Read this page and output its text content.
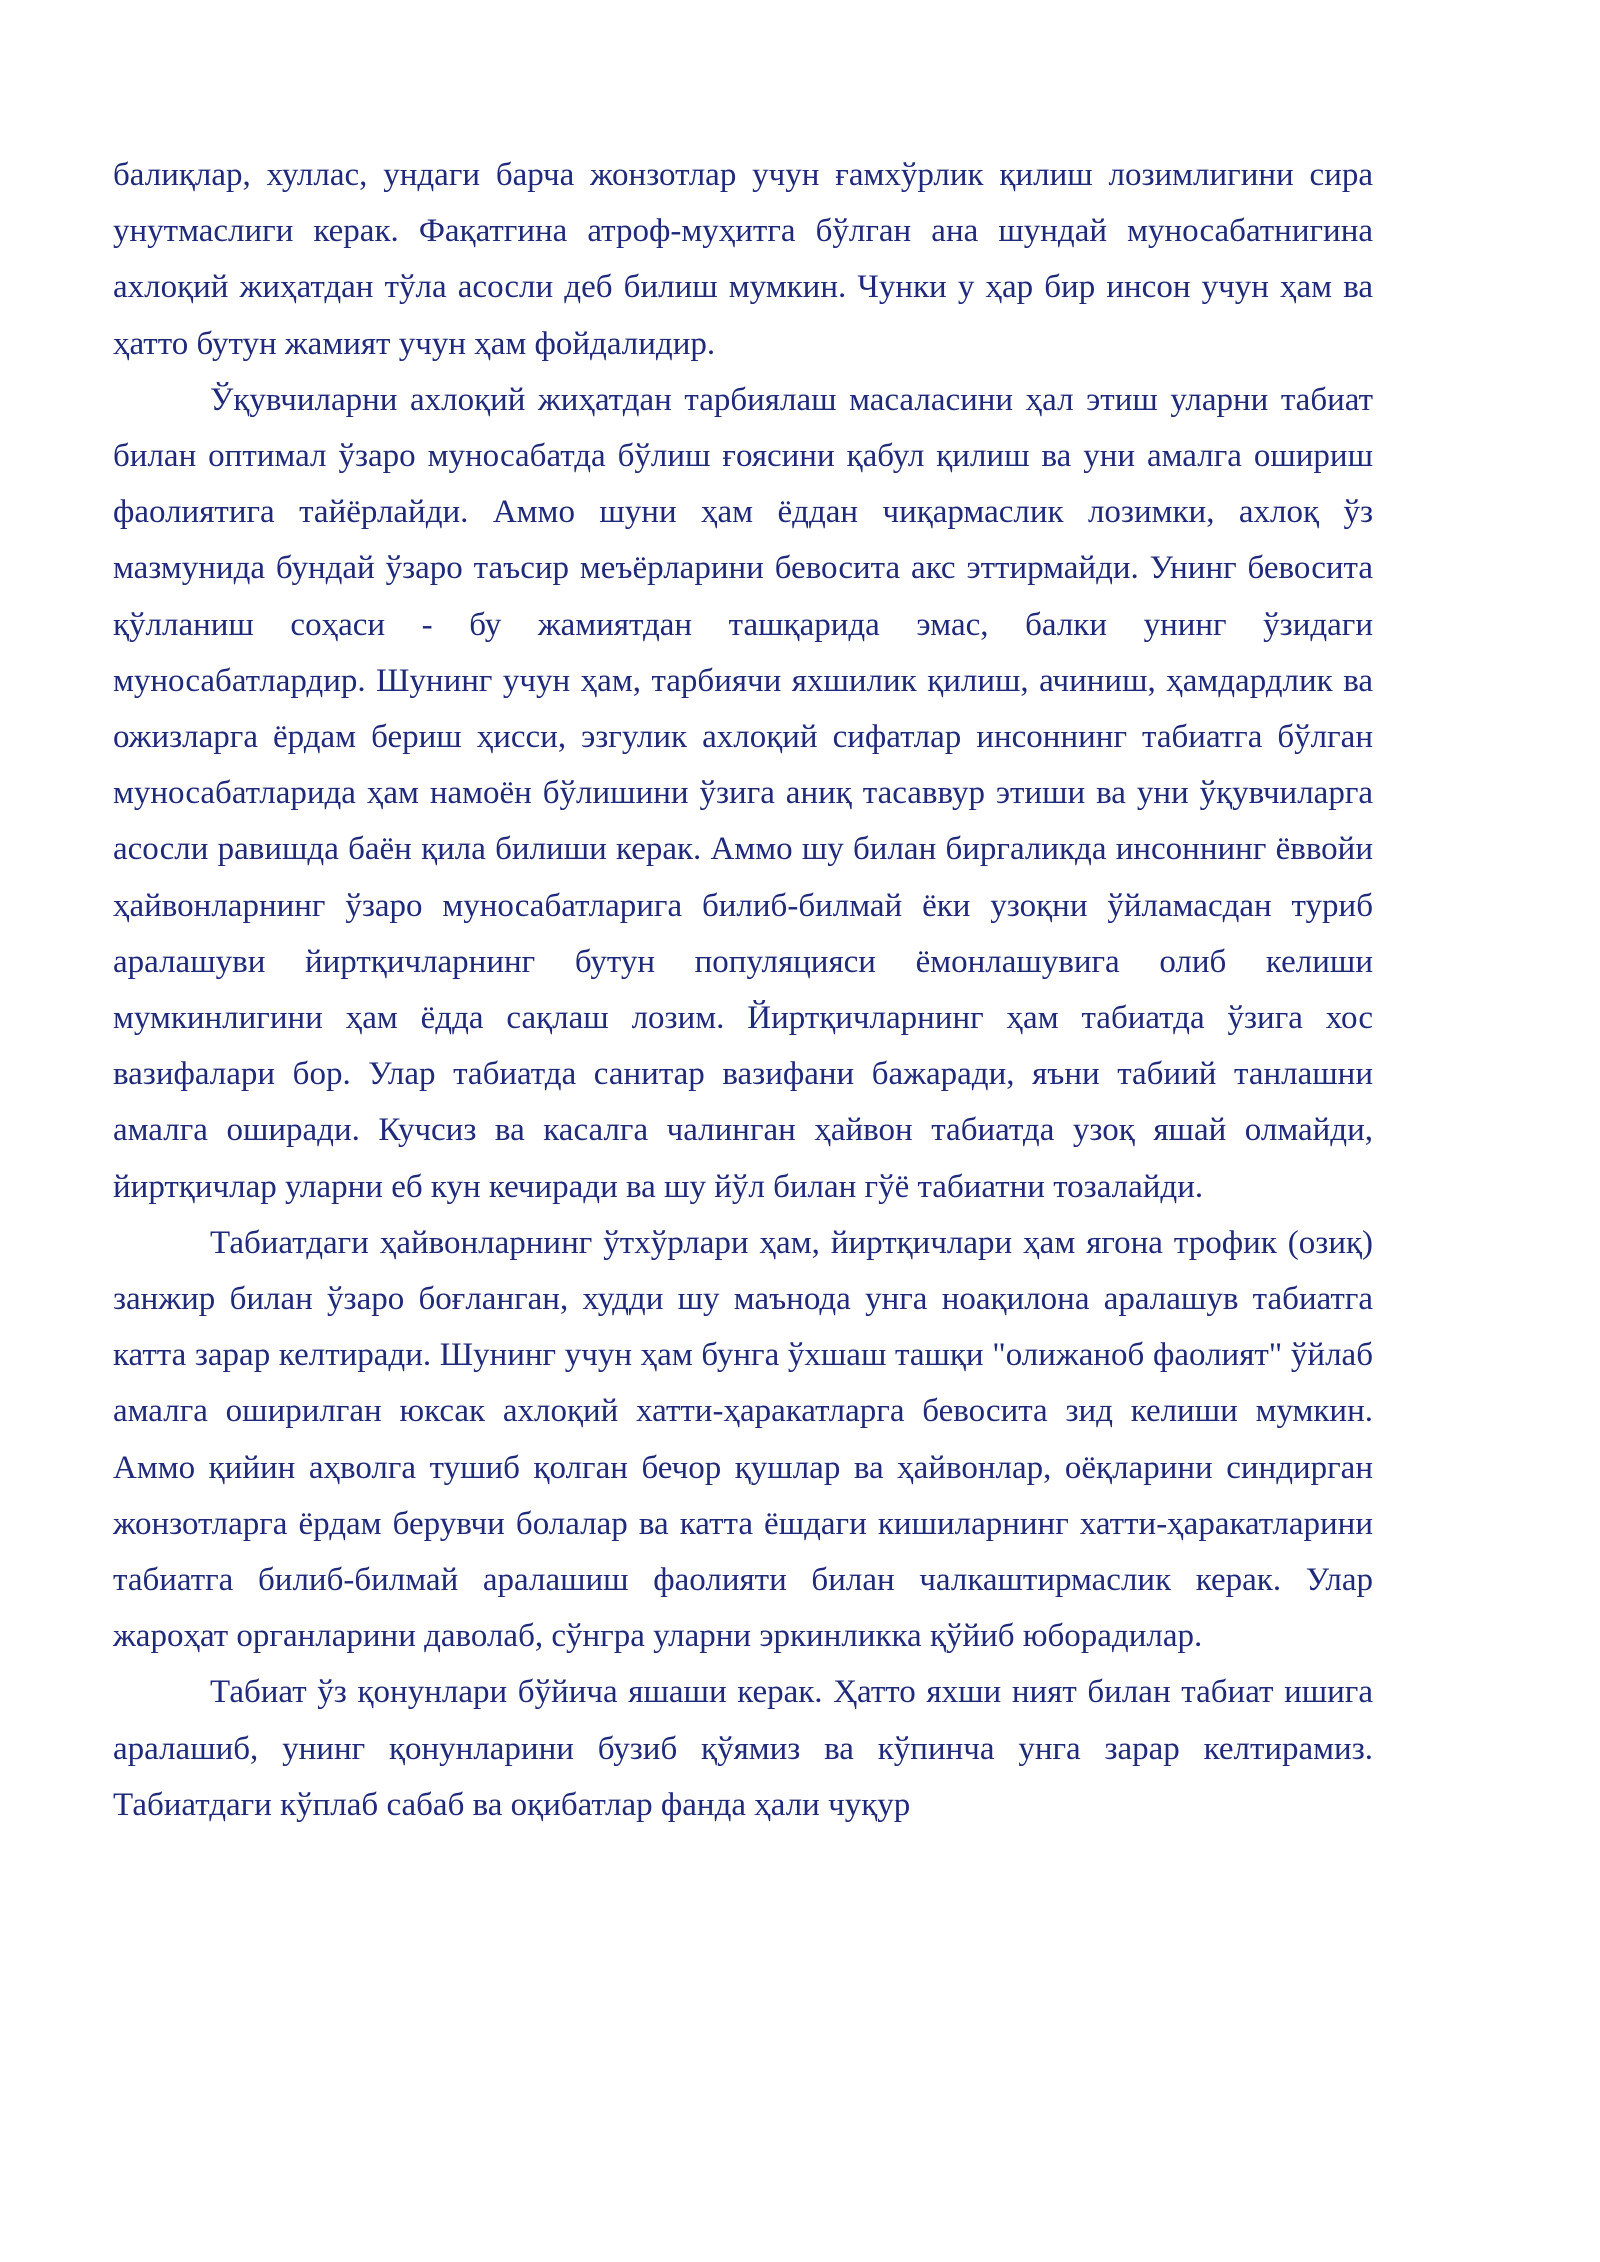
балиқлар, хуллас, ундаги барча жонзотлар учун ғамхўрлик қилиш лозимлигини сира унутмаслиги керак. Фақатгина атроф-муҳитга бўлган ана шундай муносабатнигина ахлоқий жиҳатдан тўла асосли деб билиш мумкин. Чунки у ҳар бир инсон учун ҳам ва ҳатто бутун жамият учун ҳам фойдалидир.

Ўқувчиларни ахлоқий жиҳатдан тарбиялаш масаласини ҳал этиш уларни табиат билан оптимал ўзаро муносабатда бўлиш ғоясини қабул қилиш ва уни амалга ошириш фаолиятига тайёрлайди. Аммо шуни ҳам ёддан чиқармаслик лозимки, ахлоқ ўз мазмунида бундай ўзаро таъсир меъёрларини бевосита акс эттирмайди. Унинг бевосита қўлланиш соҳаси - бу жамиятдан ташқарида эмас, балки унинг ўзидаги муносабатлардир. Шунинг учун ҳам, тарбиячи яхшилик қилиш, ачиниш, ҳамдардлик ва ожизларга ёрдам бериш ҳисси, эзгулик ахлоқий сифатлар инсоннинг табиатга бўлган муносабатларида ҳам намоён бўлишини ўзига аниқ тасаввур этиши ва уни ўқувчиларга асосли равишда баён қила билиши керак. Аммо шу билан биргаликда инсоннинг ёввойи ҳайвонларнинг ўзаро муносабатларига билиб-билмай ёки узоқни ўйламасдан туриб аралашуви йиртқичларнинг бутун популяцияси ёмонлашувига олиб келиши мумкинлигини ҳам ёдда сақлаш лозим. Йиртқичларнинг ҳам табиатда ўзига хос вазифалари бор. Улар табиатда санитар вазифани бажаради, яъни табиий танлашни амалга оширади. Кучсиз ва касалга чалинган ҳайвон табиатда узоқ яшай олмайди, йиртқичлар уларни еб кун кечиради ва шу йўл билан гўё табиатни тозалайди.

Табиатдаги ҳайвонларнинг ўтхўрлари ҳам, йиртқичлари ҳам ягона трофик (озиқ) занжир билан ўзаро боғланган, худди шу маънода унга ноақилона аралашув табиатга катта зарар келтиради. Шунинг учун ҳам бунга ўхшаш ташқи "олижаноб фаолият" ўйлаб амалга оширилган юксак ахлоқий хатти-ҳаракатларга бевосита зид келиши мумкин. Аммо қийин аҳволга тушиб қолган бечор қушлар ва ҳайвонлар, оёқларини синдирган жонзотларга ёрдам берувчи болалар ва катта ёшдаги кишиларнинг хатти-ҳаракатларини табиатга билиб-билмай аралашиш фаолияти билан чалкаштирмаслик керак. Улар жароҳат органларини даволаб, сўнгра уларни эркинликка қўйиб юборадилар.

Табиат ўз қонунлари бўйича яшаши керак. Ҳатто яхши ният билан табиат ишига аралашиб, унинг қонунларини бузиб қўямиз ва кўпинча унга зарар келтирамиз. Табиатдаги кўплаб сабаб ва оқибатлар фанда ҳали чуқур
